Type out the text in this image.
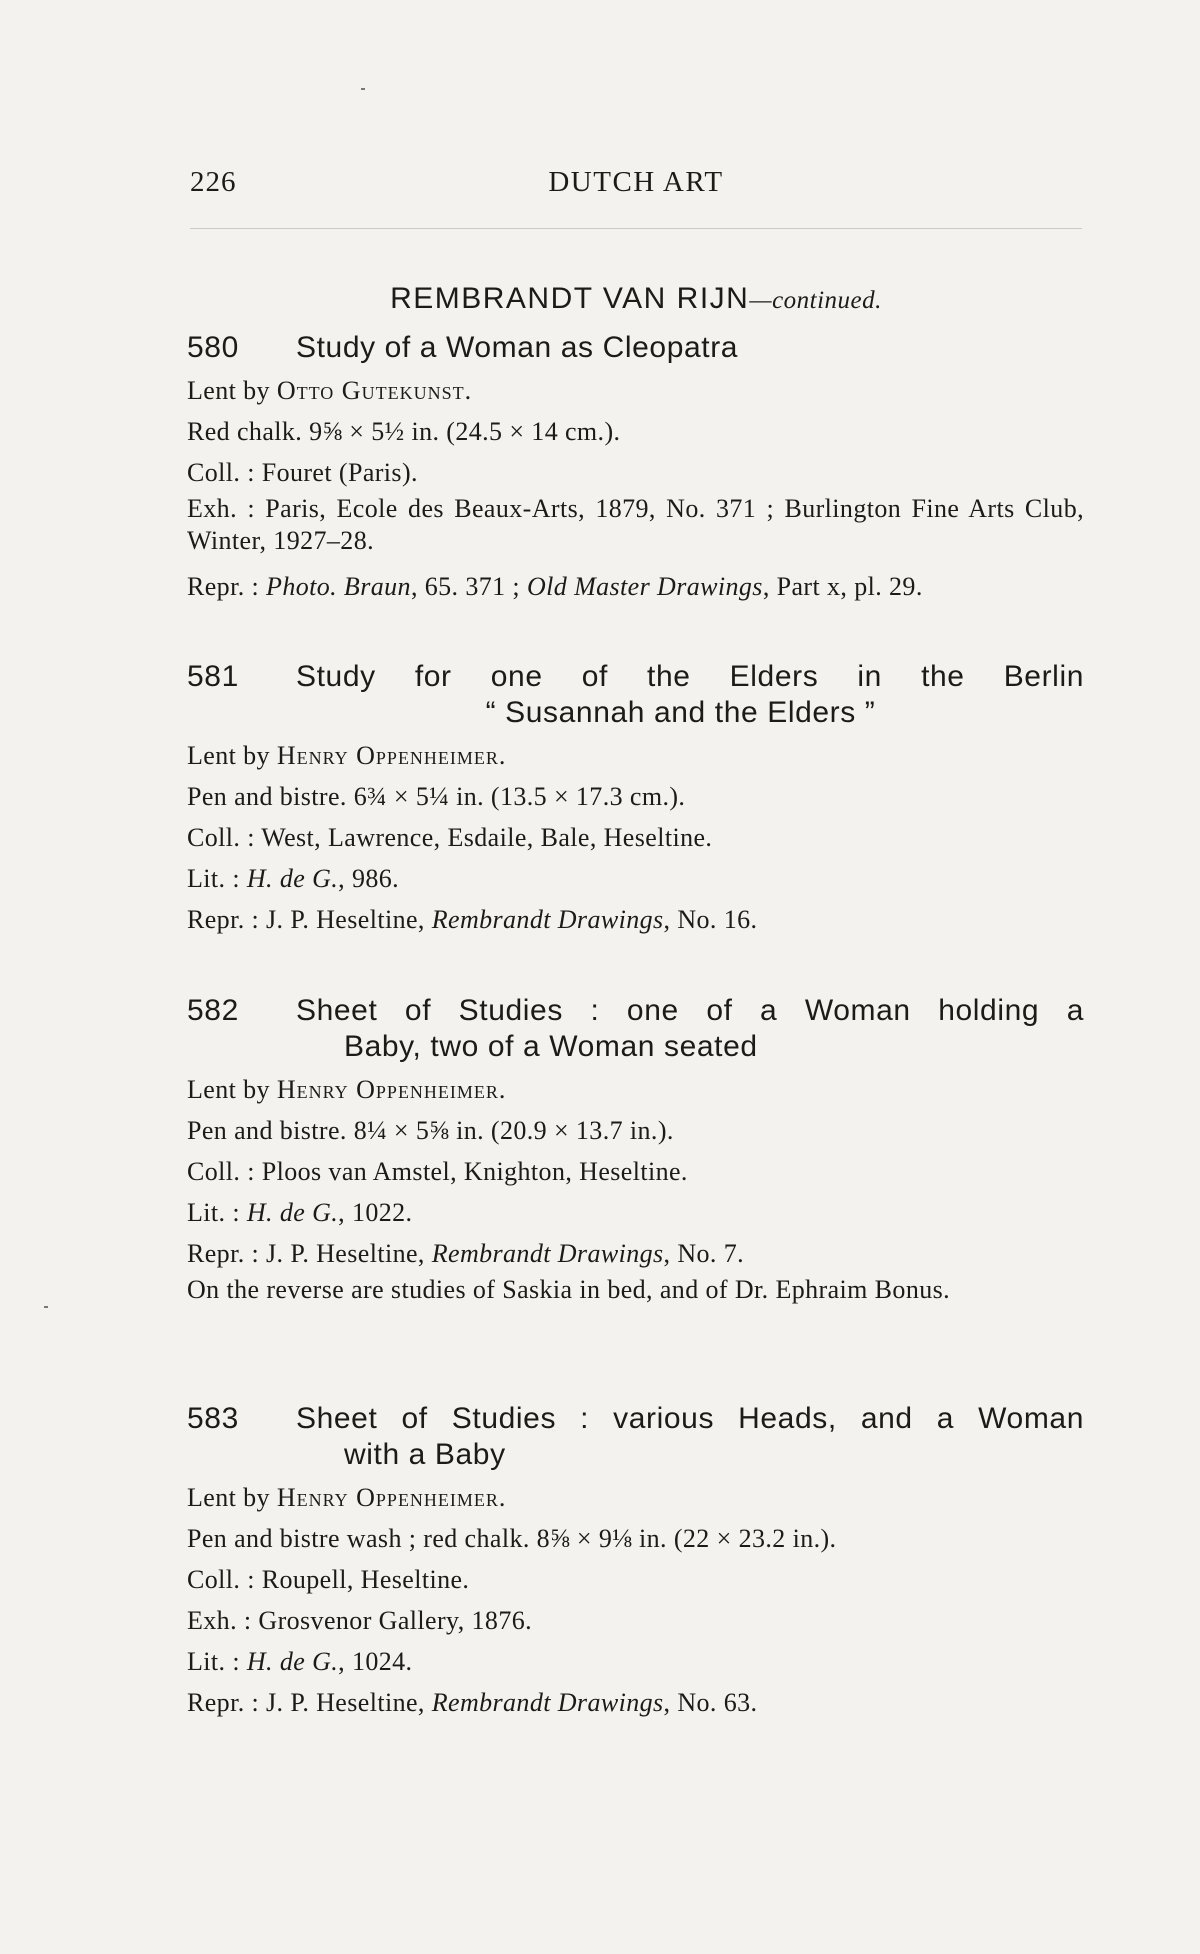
226	DUTCH ART
REMBRANDT VAN RIJN—continued.
580 Study of a Woman as Cleopatra
Lent by Otto Gutekunst.
Red chalk. 9⅝ × 5½ in. (24.5 × 14 cm.).
Coll. : Fouret (Paris).
Exh. : Paris, Ecole des Beaux-Arts, 1879, No. 371 ; Burlington Fine Arts Club, Winter, 1927–28.
Repr. : Photo. Braun, 65. 371 ; Old Master Drawings, Part x, pl. 29.
581 Study for one of the Elders in the Berlin
“ Susannah and the Elders ”
Lent by Henry Oppenheimer.
Pen and bistre. 6¾ × 5¼ in. (13.5 × 17.3 cm.).
Coll. : West, Lawrence, Esdaile, Bale, Heseltine.
Lit. : H. de G., 986.
Repr. : J. P. Heseltine, Rembrandt Drawings, No. 16.
582 Sheet of Studies : one of a Woman holding a
Baby, two of a Woman seated
Lent by Henry Oppenheimer.
Pen and bistre. 8¼ × 5⅝ in. (20.9 × 13.7 in.).
Coll. : Ploos van Amstel, Knighton, Heseltine.
Lit. : H. de G., 1022.
Repr. : J. P. Heseltine, Rembrandt Drawings, No. 7.
On the reverse are studies of Saskia in bed, and of Dr. Ephraim Bonus.
583 Sheet of Studies : various Heads, and a Woman
with a Baby
Lent by Henry Oppenheimer.
Pen and bistre wash ; red chalk. 8⅝ × 9⅛ in. (22 × 23.2 in.).
Coll. : Roupell, Heseltine.
Exh. : Grosvenor Gallery, 1876.
Lit. : H. de G., 1024.
Repr. : J. P. Heseltine, Rembrandt Drawings, No. 63.
